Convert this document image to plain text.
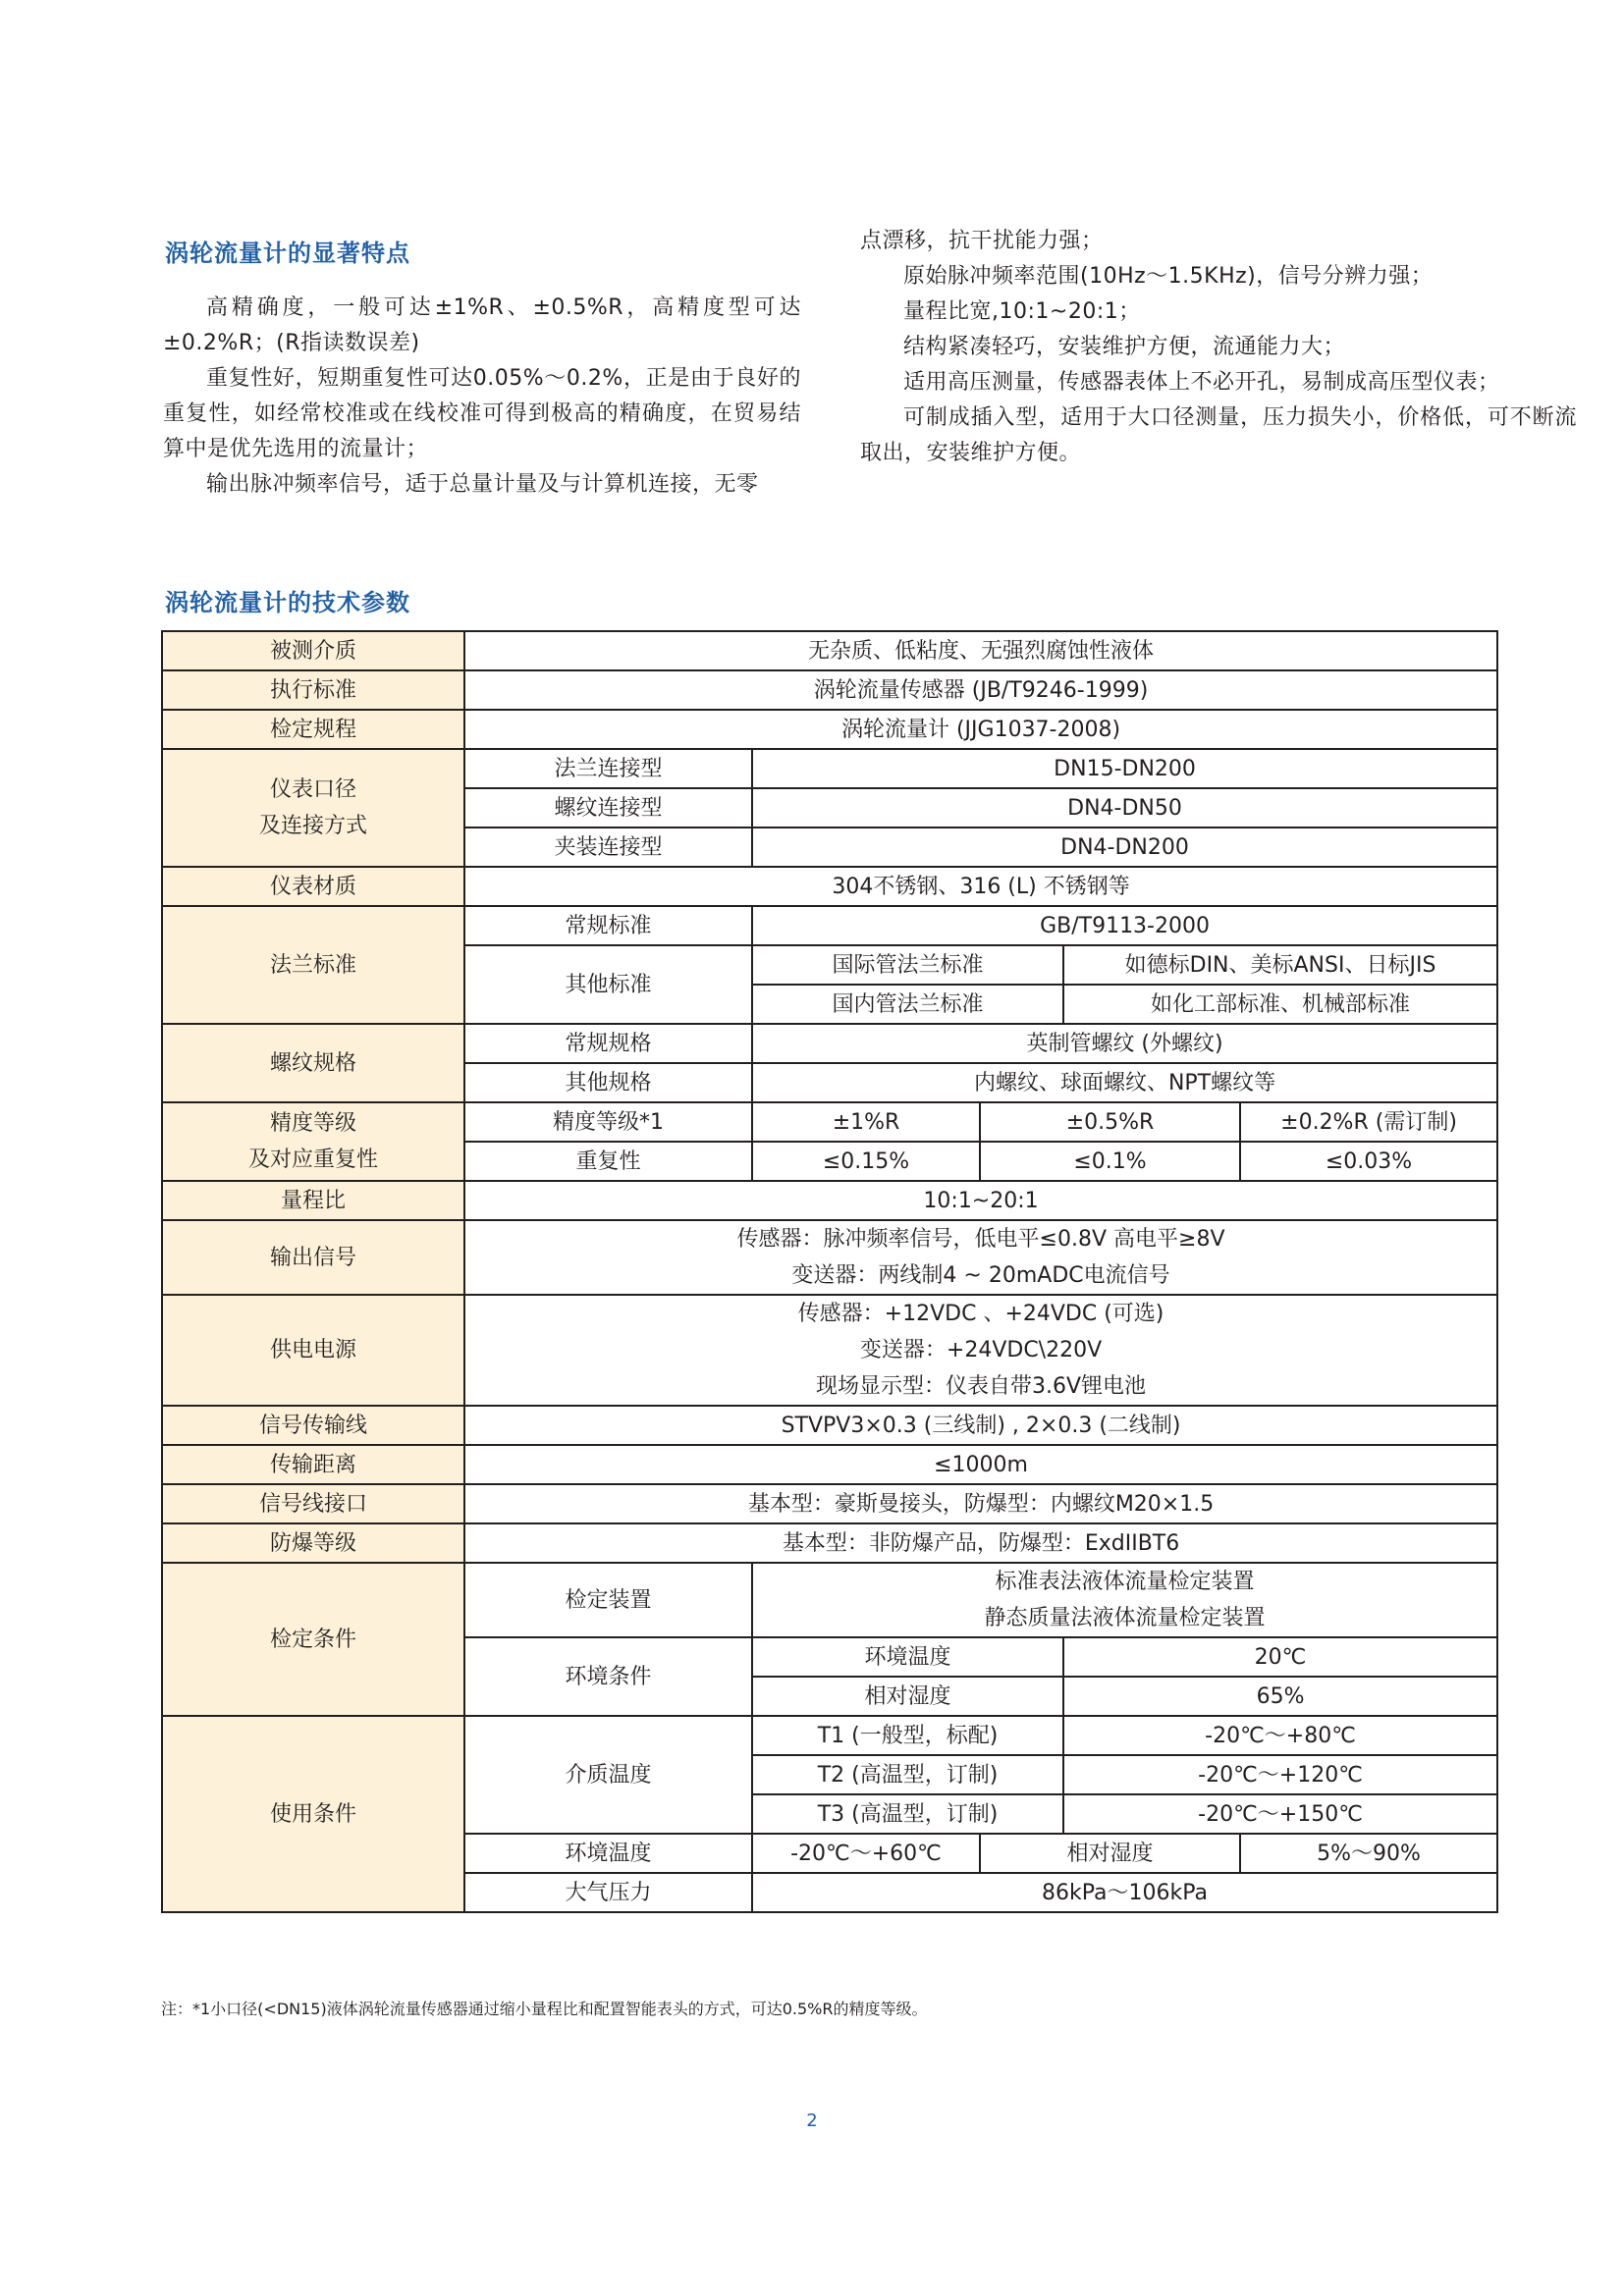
涡轮流量计的显著特点

高精确度，一般可达±1%R、±0.5%R，高精度型可达±0.2%R；(R指读数误差)

重复性好，短期重复性可达0.05%～0.2%，正是由于良好的重复性，如经常校准或在线校准可得到极高的精确度，在贸易结算中是优先选用的流量计；

输出脉冲频率信号，适于总量计量及与计算机连接，无零

点漂移，抗干扰能力强；

原始脉冲频率范围(10Hz～1.5KHz)，信号分辨力强；

量程比宽,10:1~20:1；

结构紧凑轻巧，安装维护方便，流通能力大；

适用高压测量，传感器表体上不必开孔，易制成高压型仪表；

可制成插入型，适用于大口径测量，压力损失小，价格低，可不断流取出，安装维护方便。

涡轮流量计的技术参数
被测介质	无杂质、低粘度、无强烈腐蚀性液体				
执行标准	涡轮流量传感器 (JB/T9246-1999)				
检定规程	涡轮流量计 (JJG1037-2008)				
仪表口径
及连接方式	法兰连接型	DN15-DN200			
	螺纹连接型	DN4-DN50			
	夹装连接型	DN4-DN200			
仪表材质	304不锈钢、316 (L) 不锈钢等				
法兰标准	常规标准	GB/T9113-2000			
	其他标准	国际管法兰标准		如德标DIN、美标ANSI、日标JIS	
		国内管法兰标准		如化工部标准、机械部标准	
螺纹规格	常规规格	英制管螺纹 (外螺纹)			
	其他规格	内螺纹、球面螺纹、NPT螺纹等			
精度等级
及对应重复性	精度等级*1	±1%R	±0.5%R		±0.2%R (需订制)
	重复性	≤0.15%	≤0.1%		≤0.03%
量程比	10:1~20:1				
输出信号	传感器：脉冲频率信号，低电平≤0.8V 高电平≥8V
变送器：两线制4 ~ 20mADC电流信号				
供电电源	传感器：+12VDC 、+24VDC (可选)
变送器：+24VDC\220V
现场显示型：仪表自带3.6V锂电池				
信号传输线	STVPV3×0.3 (三线制) , 2×0.3 (二线制)				
传输距离	≤1000m				
信号线接口	基本型：豪斯曼接头，防爆型：内螺纹M20×1.5				
防爆等级	基本型：非防爆产品，防爆型：ExdIIBT6				
检定条件	检定装置	标准表法液体流量检定装置
静态质量法液体流量检定装置			
	环境条件	环境温度		20℃	
		相对湿度		65%	
使用条件	介质温度	T1 (一般型，标配)		-20℃～+80℃	
		T2 (高温型，订制)		-20℃～+120℃	
		T3 (高温型，订制)		-20℃～+150℃	
	环境温度	-20℃～+60℃	相对湿度		5%～90%
	大气压力	86kPa～106kPa			
注：*1小口径(<DN15)液体涡轮流量传感器通过缩小量程比和配置智能表头的方式，可达0.5%R的精度等级。
2
